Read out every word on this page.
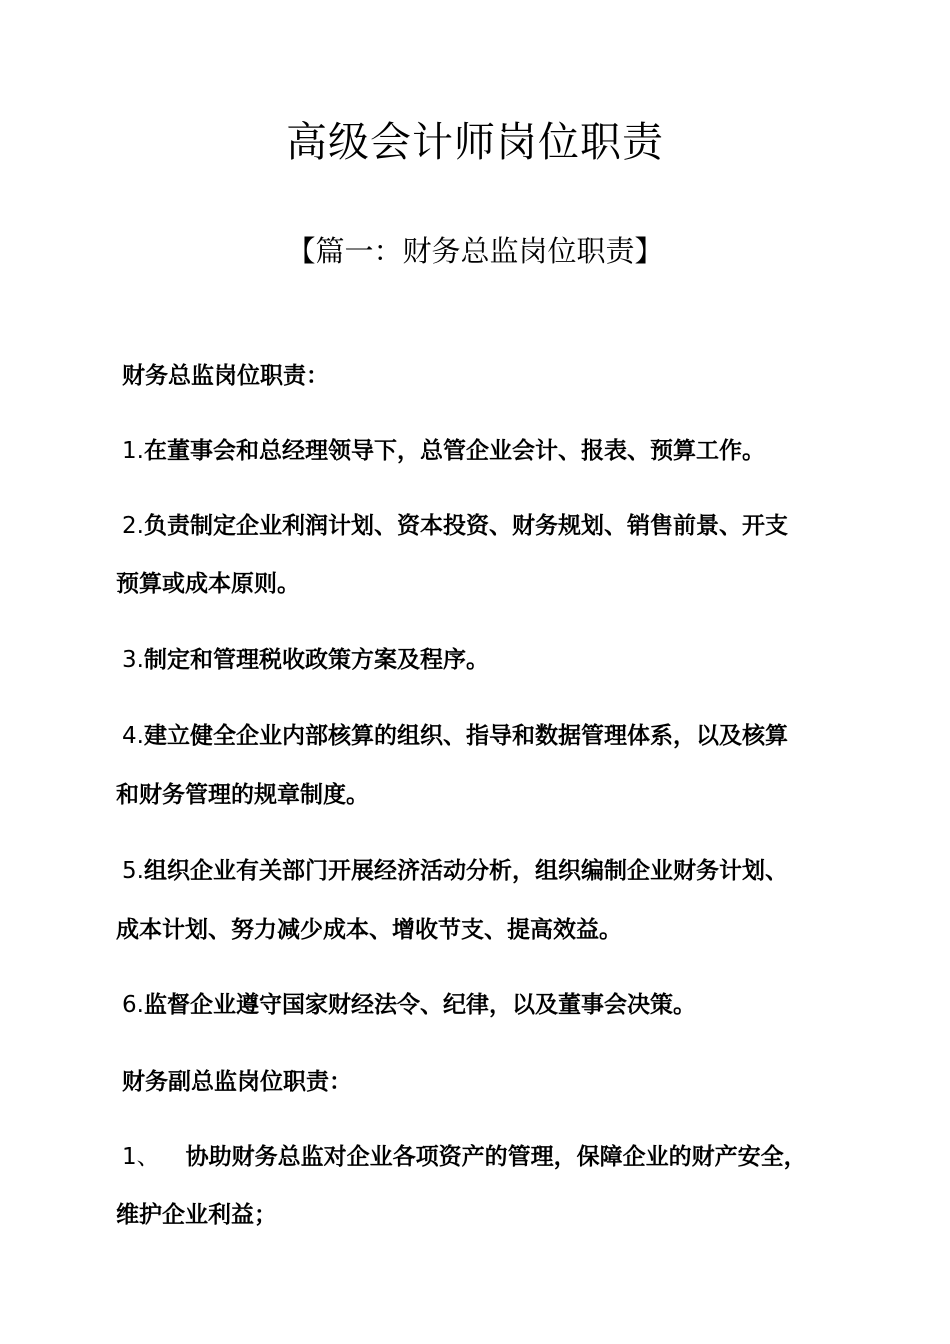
高级会计师岗位职责
【篇一：财务总监岗位职责】

财务总监岗位职责：

1.在董事会和总经理领导下，总管企业会计、报表、预算工作。

2.负责制定企业利润计划、资本投资、财务规划、销售前景、开支

预算或成本原则。

3.制定和管理税收政策方案及程序。

4.建立健全企业内部核算的组织、指导和数据管理体系，以及核算

和财务管理的规章制度。

5.组织企业有关部门开展经济活动分析，组织编制企业财务计划、

成本计划、努力减少成本、增收节支、提高效益。

6.监督企业遵守国家财经法令、纪律，以及董事会决策。

财务副总监岗位职责：

1、 协助财务总监对企业各项资产的管理，保障企业的财产安全，

维护企业利益；
